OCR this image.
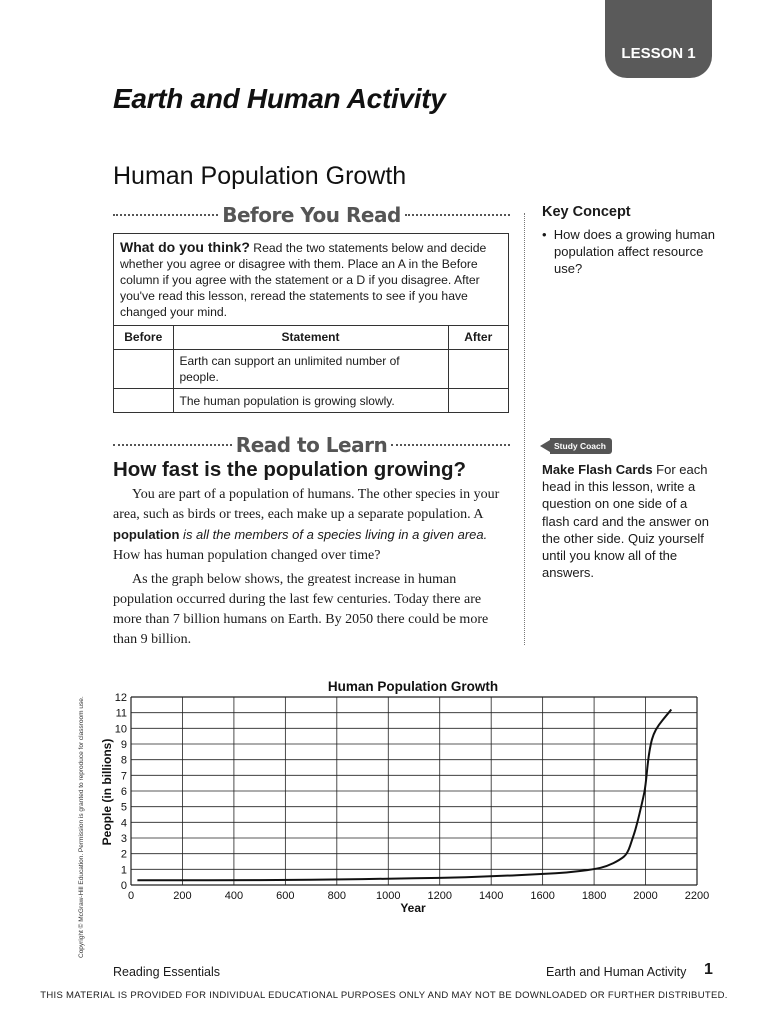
LESSON 1
Earth and Human Activity
Human Population Growth
Before You Read
What do you think? Read the two statements below and decide whether you agree or disagree with them. Place an A in the Before column if you agree with the statement or a D if you disagree. After you've read this lesson, reread the statements to see if you have changed your mind.
Before	Statement	After
	Earth can support an unlimited number of people.	
	The human population is growing slowly.	
Key Concept
• How does a growing human population affect resource use?
Read to Learn	Study Coach
Make Flash Cards For each head in this lesson, write a question on one side of a flash card and the answer on the other side. Quiz yourself until you know all of the answers.
How fast is the population growing?
You are part of a population of humans. The other species in your area, such as birds or trees, each make up a separate population. A population is all the members of a species living in a given area. How has human population changed over time?
As the graph below shows, the greatest increase in human population occurred during the last few centuries. Today there are more than 7 billion humans on Earth. By 2050 there could be more than 9 billion.
Copyright © McGraw-Hill Education. Permission is granted to reproduce for classroom use.
Human Population Growth
0
1
2
3
4
5
6
7
8
9
10
11
12
0	200	400	600	800	1000 1200 1400 1600 1800 2000 2200
Year
People (in billions)
Reading Essentials	Earth and Human Activity 1
THIS MATERIAL IS PROVIDED FOR INDIVIDUAL EDUCATIONAL PURPOSES ONLY AND MAY NOT BE DOWNLOADED OR FURTHER DISTRIBUTED.
